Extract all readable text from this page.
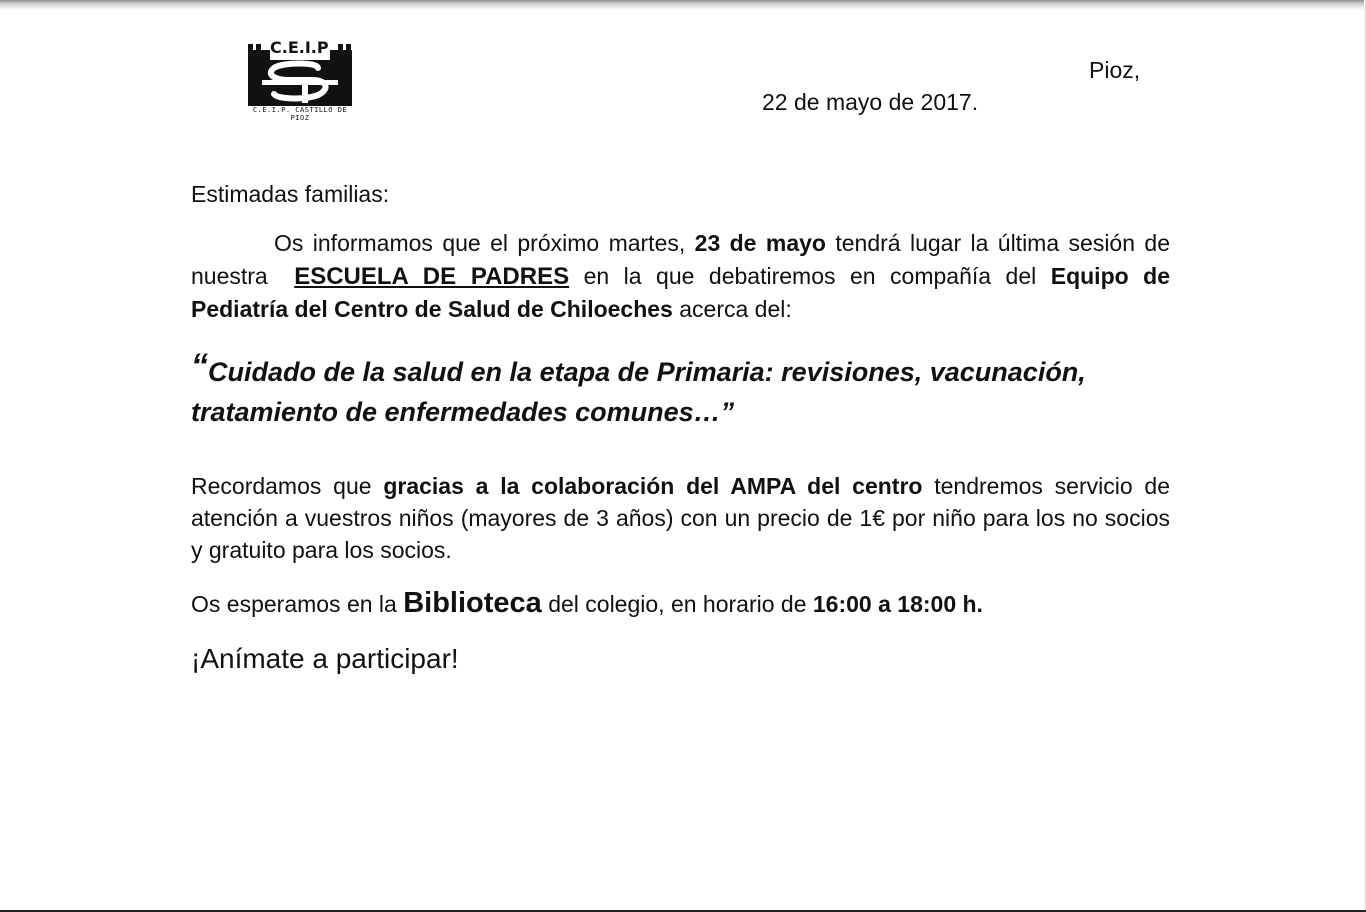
C.E.I.P
C.E.I.P. CASTILLO DE PIOZ
Pioz,
22 de mayo de 2017.

Estimadas familias:

Os informamos que el próximo martes, 23 de mayo tendrá lugar la última sesión de nuestra ESCUELA DE PADRES en la que debatiremos en compañía del Equipo de Pediatría del Centro de Salud de Chiloeches acerca del:

“Cuidado de la salud en la etapa de Primaria: revisiones, vacunación, tratamiento de enfermedades comunes…”

Recordamos que gracias a la colaboración del AMPA del centro tendremos servicio de atención a vuestros niños (mayores de 3 años) con un precio de 1€ por niño para los no socios y gratuito para los socios.

Os esperamos en la Biblioteca del colegio, en horario de 16:00 a 18:00 h.

¡Anímate a participar!
